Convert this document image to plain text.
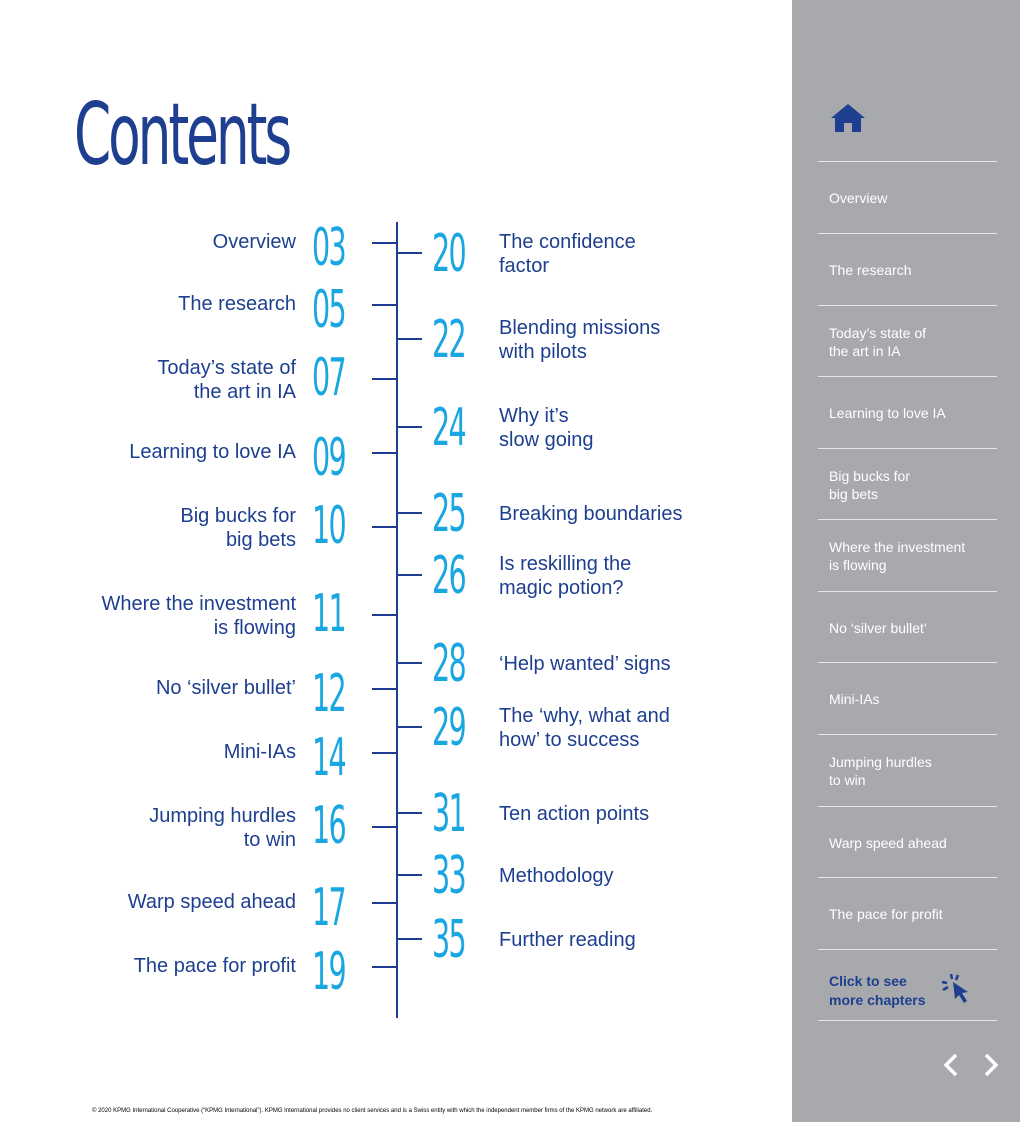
Contents
Overview 03
The research 05
Today’s state of
the art in IA 07
Learning to love IA 09
Big bucks for
big bets 10
Where the investment
is flowing 11
No ‘silver bullet’ 12
Mini-IAs 14
Jumping hurdles
to win 16
Warp speed ahead 17
The pace for profit 19
20 The confidence
factor
22 Blending missions
with pilots
24 Why it’s
slow going
25 Breaking boundaries
26 Is reskilling the
magic potion?
28 ‘Help wanted’ signs
29 The ‘why, what and
how’ to success
31 Ten action points
33 Methodology
35 Further reading
© 2020 KPMG International Cooperative (“KPMG International”). KPMG International provides no client services and is a Swiss entity with which the independent member firms of the KPMG network are affiliated.
Overview
The research
Today’s state of
the art in IA
Learning to love IA
Big bucks for
big bets
Where the investment
is flowing
No ‘silver bullet’
Mini-IAs
Jumping hurdles
to win
Warp speed ahead
The pace for profit
Click to see
more chapters
